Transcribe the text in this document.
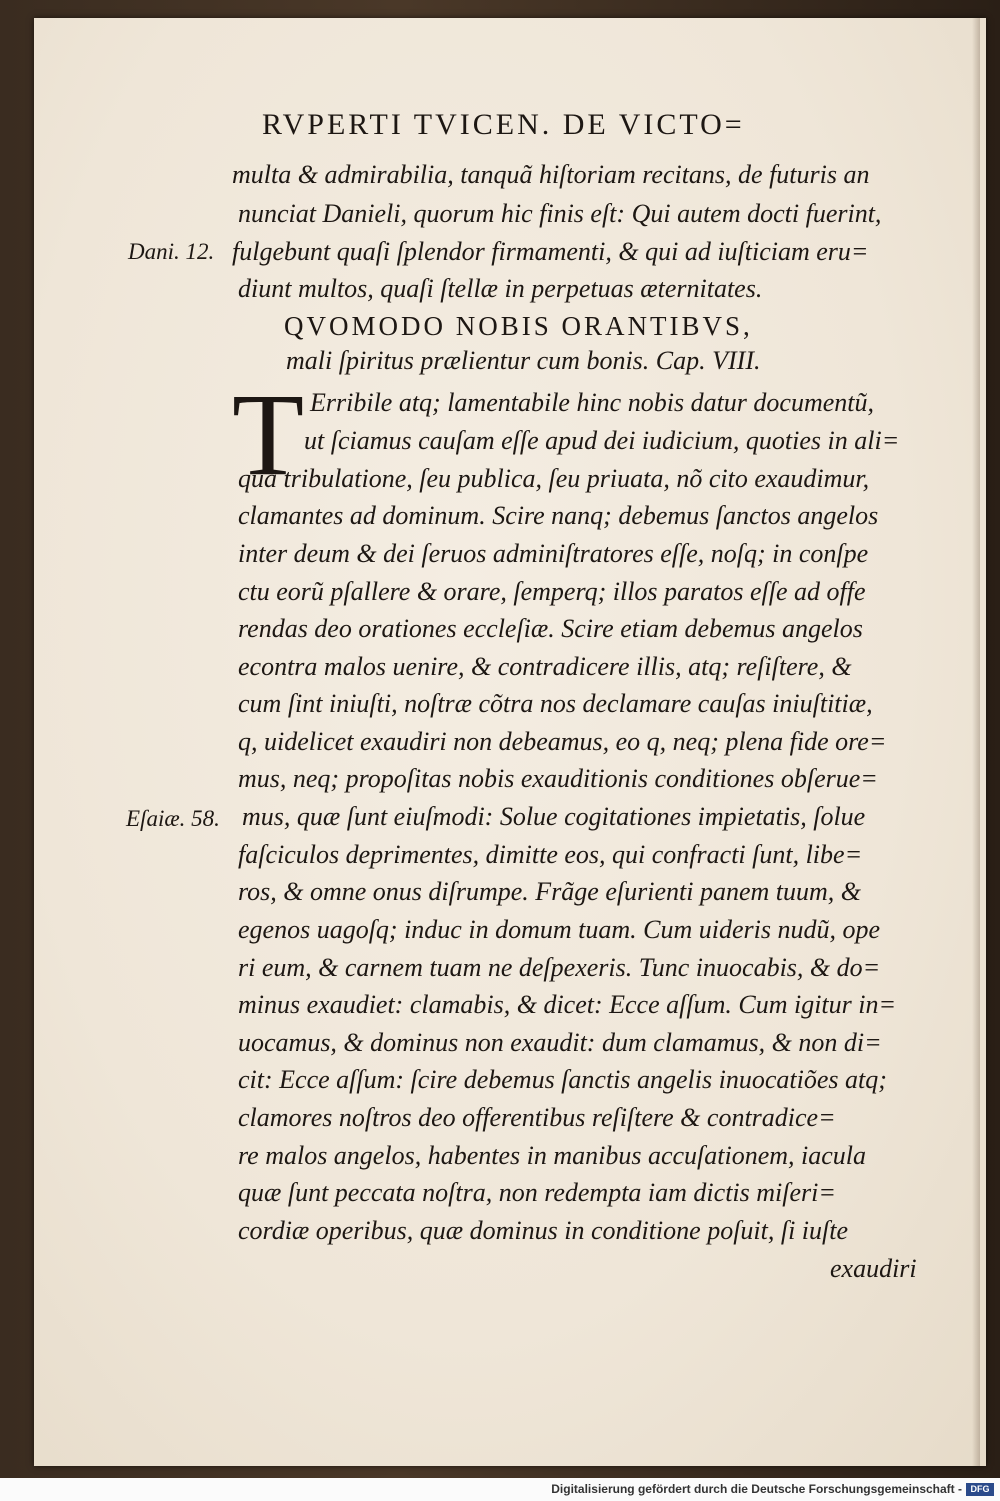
RVPERTI TVICEN. DE VICTO=
multa & admirabilia, tanquã hiſtoriam recitans, de futuris an
nunciat Danieli, quorum hic finis eſt: Qui autem docti fuerint,
Dani. 12. fulgebunt quaſi ſplendor firmamenti, & qui ad iuſticiam eru=
diunt multos, quaſi ſtellæ in perpetuas æternitates.
QVOMODO NOBIS ORANTIBVS,
mali ſpiritus prælientur cum bonis. Cap. VIII.
T Erribile atq; lamentabile hinc nobis datur documentũ,
ut ſciamus cauſam eſſe apud dei iudicium, quoties in ali=
qua tribulatione, ſeu publica, ſeu priuata, nõ cito exaudimur,
clamantes ad dominum. Scire nanq; debemus ſanctos angelos
inter deum & dei ſeruos adminiſtratores eſſe, noſq; in conſpe
ctu eorũ pſallere & orare, ſemperq; illos paratos eſſe ad offe
rendas deo orationes eccleſiæ. Scire etiam debemus angelos
econtra malos uenire, & contradicere illis, atq; reſiſtere, &
cum ſint iniuſti, noſtræ cõtra nos declamare cauſas iniuſtitiæ,
q, uidelicet exaudiri non debeamus, eo q, neq; plena fide ore=
mus, neq; propoſitas nobis exauditionis conditiones obſerue=
Eſaiæ. 58. mus, quæ ſunt eiuſmodi: Solue cogitationes impietatis, ſolue
faſciculos deprimentes, dimitte eos, qui confracti ſunt, libe=
ros, & omne onus diſrumpe. Frãge eſurienti panem tuum, &
egenos uagoſq; induc in domum tuam. Cum uideris nudũ, ope
ri eum, & carnem tuam ne deſpexeris. Tunc inuocabis, & do=
minus exaudiet: clamabis, & dicet: Ecce aſſum. Cum igitur in=
uocamus, & dominus non exaudit: dum clamamus, & non di=
cit: Ecce aſſum: ſcire debemus ſanctis angelis inuocatiões atq;
clamores noſtros deo offerentibus reſiſtere & contradice=
re malos angelos, habentes in manibus accuſationem, iacula
quæ ſunt peccata noſtra, non redempta iam dictis miſeri=
cordiæ operibus, quæ dominus in conditione poſuit, ſi iuſte
exaudiri
Digitalisierung gefördert durch die Deutsche Forschungsgemeinschaft - DFG
